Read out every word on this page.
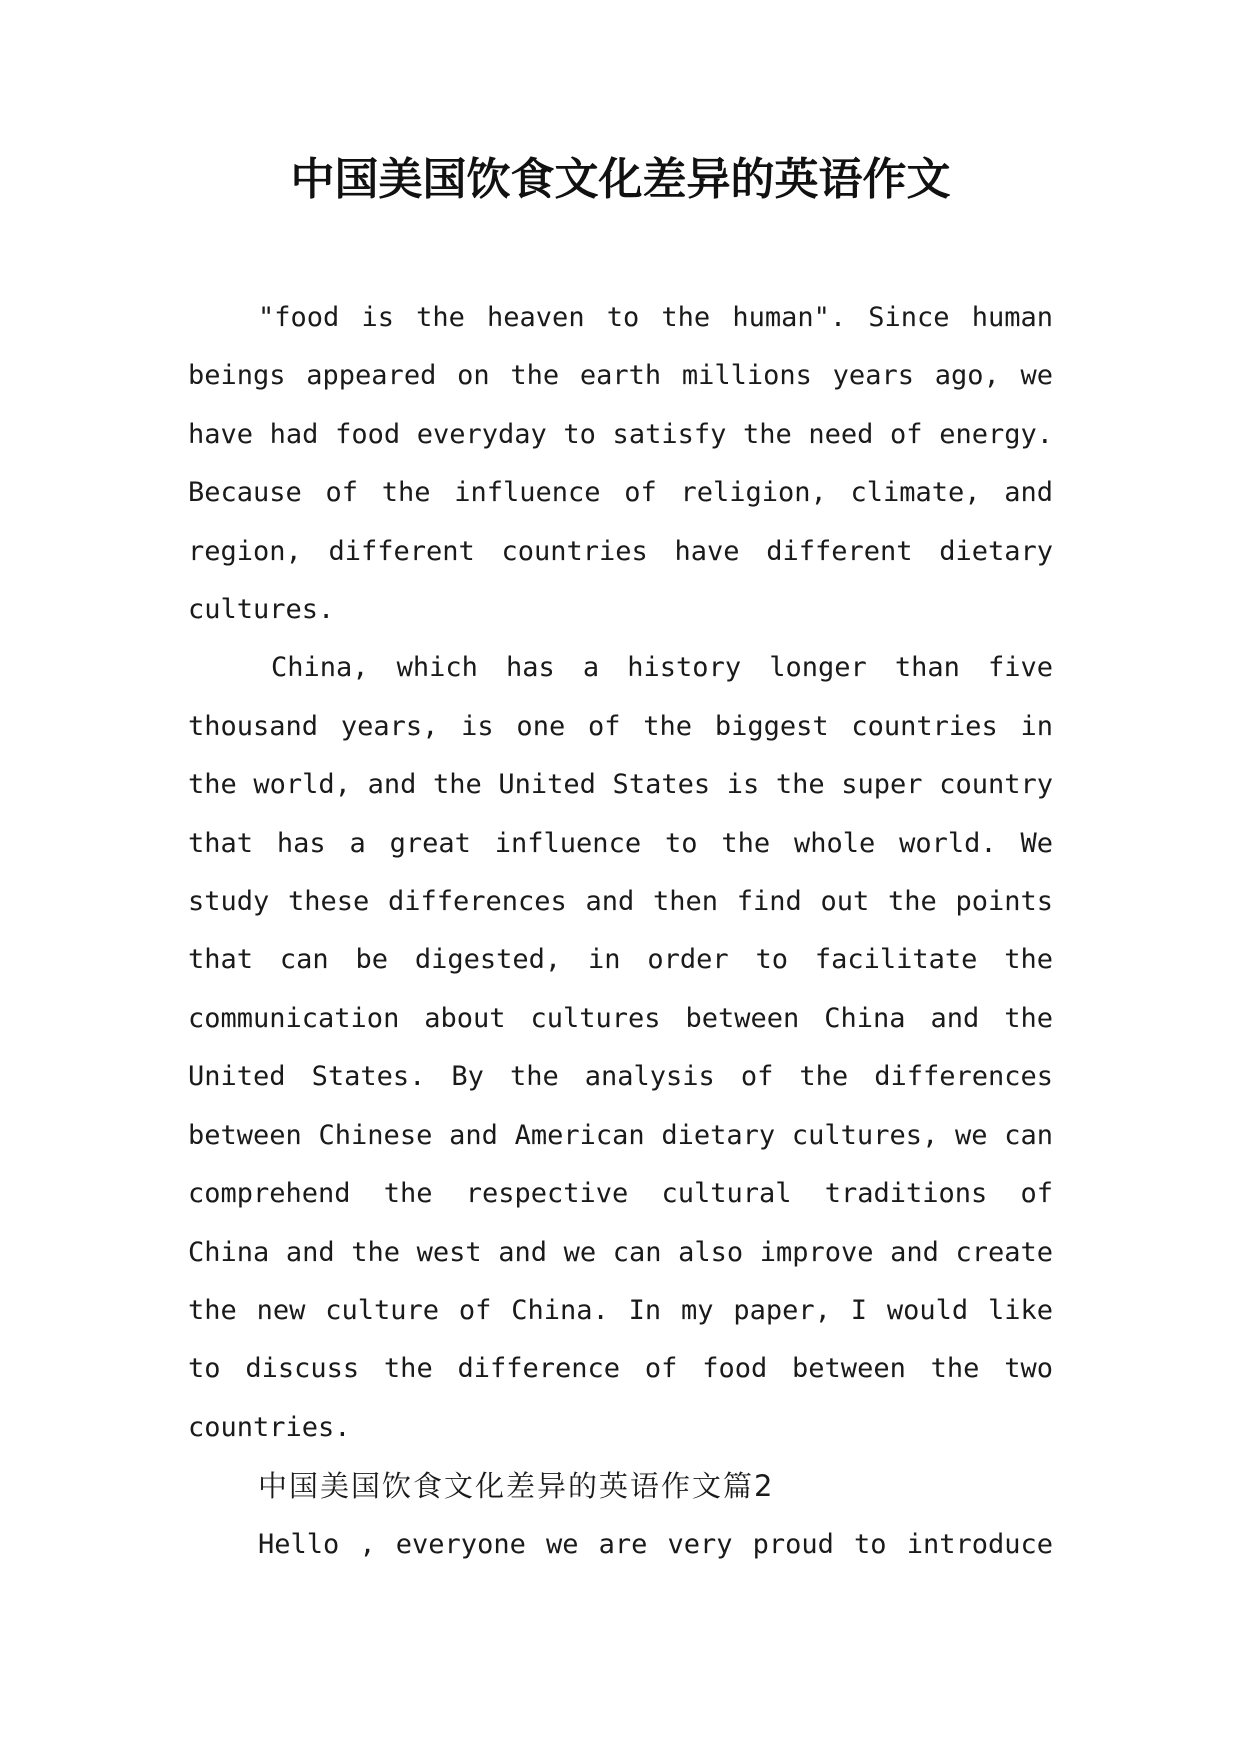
中国美国饮食文化差异的英语作文

"food is the heaven to the human". Since human beings appeared on the earth millions years ago, we have had food everyday to satisfy the need of energy. Because of the influence of religion, climate, and region, different countries have different dietary cultures.

China, which has a history longer than five thousand years, is one of the biggest countries in the world, and the United States is the super country that has a great influence to the whole world. We study these differences and then find out the points that can be digested, in order to facilitate the communication about cultures between China and the United States. By the analysis of the differences between Chinese and American dietary cultures, we can comprehend the respective cultural traditions of China and the west and we can also improve and create the new culture of China. In my paper, I would like to discuss the difference of food between the two countries.

中国美国饮食文化差异的英语作文篇2

Hello , everyone we are very proud to introduce
